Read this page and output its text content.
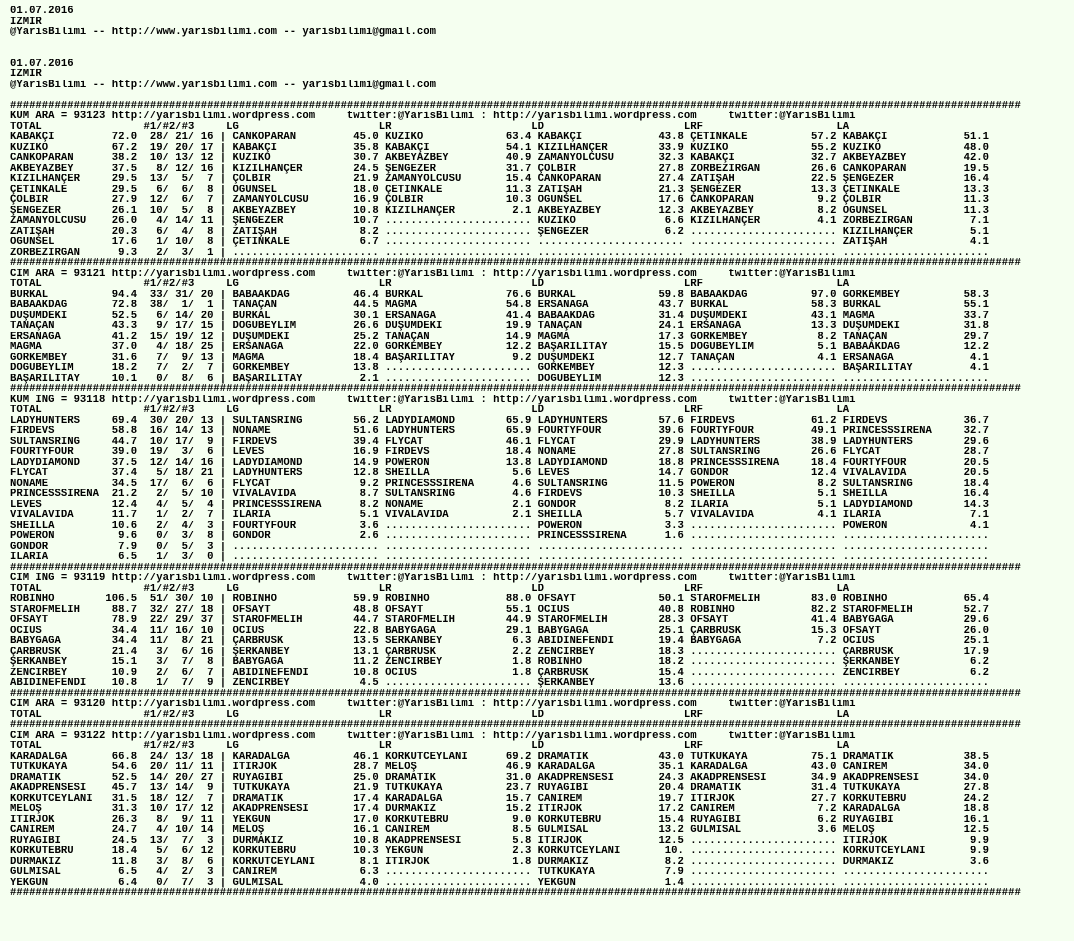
01.07.2016
IZMIR
@YarisBilimi -- http://www.yarisbilimi.com -- yarisbilimi@gmail.com
01.07.2016
IZMIR
@YarisBilimi -- http://www.yarisbilimi.com -- yarisbilimi@gmail.com
###############################################################################################################################################################
KUM ARA = 93123 http://yarisbilimi.wordpress.com     twitter:@YarisBilimi : http://yarisbilimi.wordpress.com     twitter:@YarisBilimi
TOTAL                #1/#2/#3     LG                      LR                      LD                      LRF                     LA
KABAKÇI         72.0  28/ 21/ 16 | CANKOPARAN         45.0 KUZİKO             63.4 KABAKÇI            43.8 ÇETİNKALE          57.2 KABAKÇI            51.1
KUZİKO          67.2  19/ 20/ 17 | KABAKÇI            35.8 KABAKÇI            54.1 KIZILHANÇER        33.9 KUZİKO             55.2 KUZİKO             48.0
CANKOPARAN      38.2  10/ 13/ 12 | KUZİKO             30.7 AKBEYAZBEY         40.9 ZAMANYOLCUSU       32.3 KABAKÇI            32.7 AKBEYAZBEY         42.0
AKBEYAZBEY      37.5   8/ 12/ 16 | KIZILHANÇER        24.5 ŞENGEZER           31.7 ÇOLBİR             27.8 ZORBEZİRGAN        26.6 CANKOPARAN         19.5
KIZILHANÇER     29.5  13/  5/  7 | ÇOLBİR             21.9 ZAMANYOLCUSU       15.4 CANKOPARAN         27.4 ZATİŞAH            22.5 ŞENGEZER           16.4
ÇETİNKALE       29.5   6/  6/  8 | OĞUNSEL            18.0 ÇETİNKALE          11.3 ZATİŞAH            21.3 ŞENGEZER           13.3 ÇETİNKALE          13.3
ÇOLBİR          27.9  12/  6/  7 | ZAMANYOLCUSU       16.9 ÇOLBİR             10.3 OĞUNSEL            17.6 CANKOPARAN          9.2 ÇOLBİR             11.3
ŞENGEZER        26.1  10/  5/  8 | AKBEYAZBEY         10.8 KIZILHANÇER         2.1 AKBEYAZBEY         12.3 AKBEYAZBEY          8.2 OĞUNSEL            11.3
ZAMANYOLCUSU    26.0   4/ 14/ 11 | ŞENGEZER           10.7 ....................... KUZİKO              6.6 KIZILHANÇER         4.1 ZORBEZİRGAN         7.1
ZATİŞAH         20.3   6/  4/  8 | ZATİŞAH             8.2 ....................... ŞENGEZER            6.2 ....................... KIZILHANÇER         5.1
OĞUNSEL         17.6   1/ 10/  8 | ÇETİNKALE           6.7 ....................... ....................... ....................... ZATİŞAH             4.1
ZORBEZİRGAN      9.3   2/  3/  1 | ....................... ....................... ....................... ....................... .......................
###############################################################################################################################################################
CIM ARA = 93121 http://yarisbilimi.wordpress.com     twitter:@YarisBilimi : http://yarisbilimi.wordpress.com     twitter:@YarisBilimi
TOTAL                #1/#2/#3     LG                      LR                      LD                      LRF                     LA
BURKAL          94.4  33/ 31/ 20 | BABAAKDAĞ          46.4 BURKAL             76.6 BURKAL             59.8 BABAAKDAĞ          97.0 GÖRKEMBEY          58.3
BABAAKDAĞ       72.8  38/  1/  1 | TANAÇAN            44.5 MAGMA              54.8 ERSANAĞA           43.7 BURKAL             58.3 BURKAL             55.1
DÜŞÜMDEKİ       52.5   6/ 14/ 20 | BURKAL             30.1 ERSANAĞA           41.4 BABAAKDAĞ          31.4 DÜŞÜMDEKİ          43.1 MAGMA              33.7
TANAÇAN         43.3   9/ 17/ 15 | DOĞUBEYLİM         26.6 DÜŞÜMDEKİ          19.9 TANAÇAN            24.1 ERSANAĞA           13.3 DÜŞÜMDEKİ          31.8
ERSANAĞA        41.2  15/ 19/ 12 | DÜŞÜMDEKİ          25.2 TANAÇAN            14.9 MAGMA              17.3 GÖRKEMBEY           8.2 TANAÇAN            29.7
MAGMA           37.0   4/ 18/ 25 | ERSANAĞA           22.0 GÖRKEMBEY          12.2 BAŞARILITAY        15.5 DOĞUBEYLİM          5.1 BABAAKDAĞ          12.2
GÖRKEMBEY       31.6   7/  9/ 13 | MAGMA              18.4 BAŞARILITAY         9.2 DÜŞÜMDEKİ          12.7 TANAÇAN             4.1 ERSANAĞA            4.1
DOĞUBEYLİM      18.2   7/  2/  7 | GÖRKEMBEY          13.8 ....................... GÖRKEMBEY          12.3 ....................... BAŞARILITAY         4.1
BAŞARILITAY     10.1   0/  8/  6 | BAŞARILITAY         2.1 ....................... DOĞUBEYLİM         12.3 ....................... .......................
###############################################################################################################################################################
KUM ING = 93118 http://yarisbilimi.wordpress.com     twitter:@YarisBilimi : http://yarisbilimi.wordpress.com     twitter:@YarisBilimi
TOTAL                #1/#2/#3     LG                      LR                      LD                      LRF                     LA
LADYHUNTERS     69.4  30/ 20/ 13 | SULTANSRING        56.2 LADYDIAMOND        65.9 LADYHUNTERS        57.6 FİRDEVS            61.2 FİRDEVS            36.7
FİRDEVS         58.8  16/ 14/ 13 | NONAME             51.6 LADYHUNTERS        65.9 FOURTYFOUR         39.6 FOURTYFOUR         49.1 PRINCESSSIRENA     32.7
SULTANSRING     44.7  10/ 17/  9 | FİRDEVS            39.4 FLYCAT             46.1 FLYCAT             29.9 LADYHUNTERS        38.9 LADYHUNTERS        29.6
FOURTYFOUR      39.0  19/  3/  6 | LEVES              16.9 FİRDEVS            18.4 NONAME             27.8 SULTANSRING        26.6 FLYCAT             28.7
LADYDIAMOND     37.5  12/ 14/ 16 | LADYDIAMOND        14.9 POWERON            13.8 LADYDIAMOND        18.8 PRINCESSSIRENA     18.4 FOURTYFOUR         20.5
FLYCAT          37.4   5/ 18/ 21 | LADYHUNTERS        12.8 SHEILLA             5.6 LEVES              14.7 GONDOR             12.4 VIVALAVIDA         20.5
NONAME          34.5  17/  6/  6 | FLYCAT              9.2 PRINCESSSIRENA      4.6 SULTANSRING        11.5 POWERON             8.2 SULTANSRING        18.4
PRINCESSSIRENA  21.2   2/  5/ 10 | VIVALAVIDA          8.7 SULTANSRING         4.6 FİRDEVS            10.3 SHEILLA             5.1 SHEILLA            16.4
LEVES           12.4   4/  5/  4 | PRINCESSSIRENA      8.2 NONAME              2.1 GONDOR              8.2 ILARIA              5.1 LADYDIAMOND        14.3
VIVALAVIDA      11.7   1/  2/  7 | ILARIA              5.1 VIVALAVIDA          2.1 SHEILLA             5.7 VIVALAVIDA          4.1 ILARIA              7.1
SHEILLA         10.6   2/  4/  3 | FOURTYFOUR          3.6 ....................... POWERON             3.3 ....................... POWERON             4.1
POWERON          9.6   0/  3/  8 | GONDOR              2.6 ....................... PRINCESSSIRENA      1.6 ....................... .......................
GONDOR           7.9   0/  5/  3 | ....................... ....................... ....................... ....................... .......................
ILARIA           6.5   1/  3/  0 | ....................... ....................... ....................... ....................... .......................
###############################################################################################################################################################
CIM ING = 93119 http://yarisbilimi.wordpress.com     twitter:@YarisBilimi : http://yarisbilimi.wordpress.com     twitter:@YarisBilimi
TOTAL                #1/#2/#3     LG                      LR                      LD                      LRF                     LA
ROBINHO        106.5  51/ 30/ 10 | ROBINHO            59.9 ROBINHO            88.0 OFSAYT             50.1 STAROFMELİH        83.0 ROBINHO            65.4
STAROFMELİH     88.7  32/ 27/ 18 | OFSAYT             48.8 OFSAYT             55.1 OCIUS              40.8 ROBINHO            82.2 STAROFMELİH        52.7
OFSAYT          78.9  22/ 29/ 37 | STAROFMELİH        44.7 STAROFMELİH        44.9 STAROFMELİH        28.3 OFSAYT             41.4 BABYGAGA           29.6
OCIUS           34.4  11/ 16/ 10 | OCIUS              22.8 BABYGAGA           29.1 BABYGAGA           25.1 ÇARBRUSK           15.3 OFSAYT             26.0
BABYGAGA        34.4  11/  8/ 21 | ÇARBRUSK           13.5 SERKANBEY           6.3 ABİDİNEFENDİ       19.4 BABYGAGA            7.2 OCIUS              25.1
ÇARBRUSK        21.4   3/  6/ 16 | ŞERKANBEY          13.1 ÇARBRUSK            2.2 ZENCİRBEY          18.3 ....................... ÇARBRUSK           17.9
ŞERKANBEY       15.1   3/  7/  8 | BABYGAGA           11.2 ZENCİRBEY           1.8 ROBINHO            18.2 ....................... ŞERKANBEY           6.2
ZENCİRBEY       10.9   2/  6/  7 | ABİDİNEFENDİ       10.8 OCIUS               1.8 ÇARBRUSK           15.4 ....................... ZENCİRBEY           6.2
ABİDİNEFENDİ    10.8   1/  7/  9 | ZENCİRBEY           4.5 ....................... ŞERKANBEY          13.6 ....................... .......................
###############################################################################################################################################################
CIM ARA = 93120 http://yarisbilimi.wordpress.com     twitter:@YarisBilimi : http://yarisbilimi.wordpress.com     twitter:@YarisBilimi
TOTAL                #1/#2/#3     LG                      LR                      LD                      LRF                     LA
###############################################################################################################################################################
CIM ARA = 93122 http://yarisbilimi.wordpress.com     twitter:@YarisBilimi : http://yarisbilimi.wordpress.com     twitter:@YarisBilimi
TOTAL                #1/#2/#3     LG                      LR                      LD                      LRF                     LA
KARADALGA       66.8  24/ 13/ 18 | KARADALGA          46.1 KORKUTCEYLANI      69.2 DRAMATİK           43.0 TUTKUKAYA          75.1 DRAMATİK           38.5
TUTKUKAYA       54.6  20/ 11/ 11 | İTİRJOK            28.7 MELOŞ              46.9 KARADALGA          35.1 KARADALGA          43.0 CANİREM            34.0
DRAMATİK        52.5  14/ 20/ 27 | RÜYAGİBİ           25.0 DRAMATİK           31.0 AKADPRENSESİ       24.3 AKADPRENSESİ       34.9 AKADPRENSESİ       34.0
AKADPRENSESİ    45.7  13/ 14/  9 | TUTKUKAYA          21.9 TUTKUKAYA          23.7 RÜYAGİBİ           20.4 DRAMATİK           31.4 TUTKUKAYA          27.8
KORKUTCEYLANI   31.5  18/ 12/  7 | DRAMATİK           17.4 KARADALGA          15.7 CANİREM            19.7 İTİRJOK            27.7 KORKUTEBRU         24.2
MELOŞ           31.3  10/ 17/ 12 | AKADPRENSESİ       17.4 DURMAKIZ           15.2 İTİRJOK            17.2 CANİREM             7.2 KARADALGA          18.8
İTİRJOK         26.3   8/  9/ 11 | YEKGÜN             17.0 KORKUTEBRU          9.0 KORKUTEBRU         15.4 RÜYAGİBİ            6.2 RÜYAGİBİ           16.1
CANİREM         24.7   4/ 10/ 14 | MELOŞ              16.1 CANİREM             8.5 GÜLMİSAL           13.2 GÜLMİSAL            3.6 MELOŞ              12.5
RÜYAGİBİ        24.5  13/  7/  3 | DURMAKIZ           10.8 AKADPRENSESİ        5.8 İTİRJOK            12.5 ....................... İTİRJOK             9.9
KORKUTEBRU      18.4   5/  6/ 12 | KORKUTEBRU         10.3 YEKGÜN              2.3 KORKUTCEYLANI       10. ....................... KORKUTCEYLANI       9.9
DURMAKIZ        11.8   3/  8/  6 | KORKUTCEYLANI       8.1 İTİRJOK             1.8 DURMAKIZ            8.2 ....................... DURMAKIZ            3.6
GÜLMİSAL         6.5   4/  2/  3 | CANİREM             6.3 ....................... TUTKUKAYA           7.9 ....................... .......................
YEKGÜN           6.4   0/  7/  3 | GÜLMİSAL            4.0 ....................... YEKGÜN              1.4 ....................... .......................
###############################################################################################################################################################
